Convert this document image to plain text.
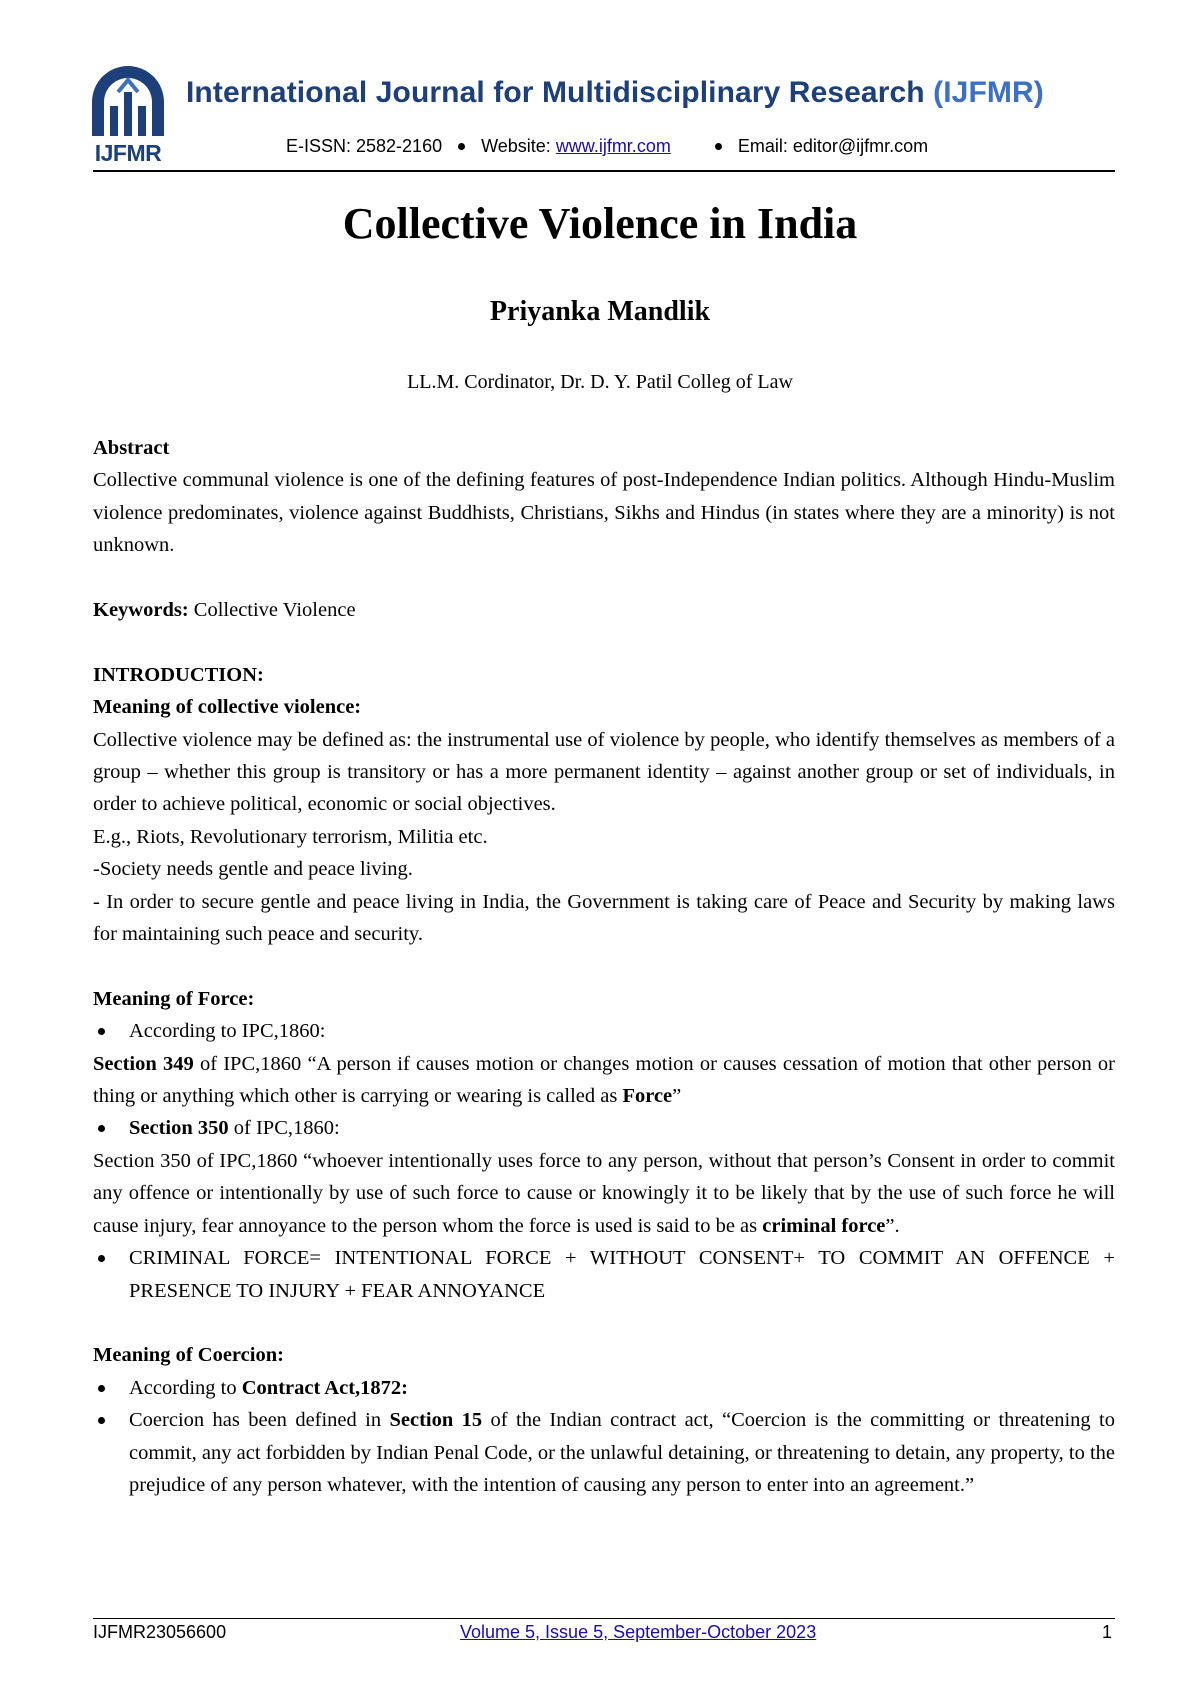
IJFMR
International Journal for Multidisciplinary Research (IJFMR)
E-ISSN: 2582-2160 Website: www.ijfmr.com	Email: editor@ijfmr.com
Collective Violence in India
Priyanka Mandlik
LL.M. Cordinator, Dr. D. Y. Patil Colleg of Law

Abstract

Collective communal violence is one of the defining features of post-Independence Indian politics. Although Hindu-Muslim violence predominates, violence against Buddhists, Christians, Sikhs and Hindus (in states where they are a minority) is not unknown.

Keywords: Collective Violence

INTRODUCTION:

Meaning of collective violence:

Collective violence may be defined as: the instrumental use of violence by people, who identify themselves as members of a group – whether this group is transitory or has a more permanent identity – against another group or set of individuals, in order to achieve political, economic or social objectives.

E.g., Riots, Revolutionary terrorism, Militia etc.

-Society needs gentle and peace living.

- In order to secure gentle and peace living in India, the Government is taking care of Peace and Security by making laws for maintaining such peace and security.

Meaning of Force:

According to IPC,1860:

Section 349 of IPC,1860 “A person if causes motion or changes motion or causes cessation of motion that other person or thing or anything which other is carrying or wearing is called as Force”

Section 350 of IPC,1860:

Section 350 of IPC,1860 “whoever intentionally uses force to any person, without that person’s Consent in order to commit any offence or intentionally by use of such force to cause or knowingly it to be likely that by the use of such force he will cause injury, fear annoyance to the person whom the force is used is said to be as criminal force”.

CRIMINAL FORCE= INTENTIONAL FORCE + WITHOUT CONSENT+ TO COMMIT AN OFFENCE + PRESENCE TO INJURY + FEAR ANNOYANCE

Meaning of Coercion:

According to Contract Act,1872:
Coercion has been defined in Section 15 of the Indian contract act, “Coercion is the committing or threatening to commit, any act forbidden by Indian Penal Code, or the unlawful detaining, or threatening to detain, any property, to the prejudice of any person whatever, with the intention of causing any person to enter into an agreement.”
IJFMR23056600	Volume 5, Issue 5, September-October 2023	1
